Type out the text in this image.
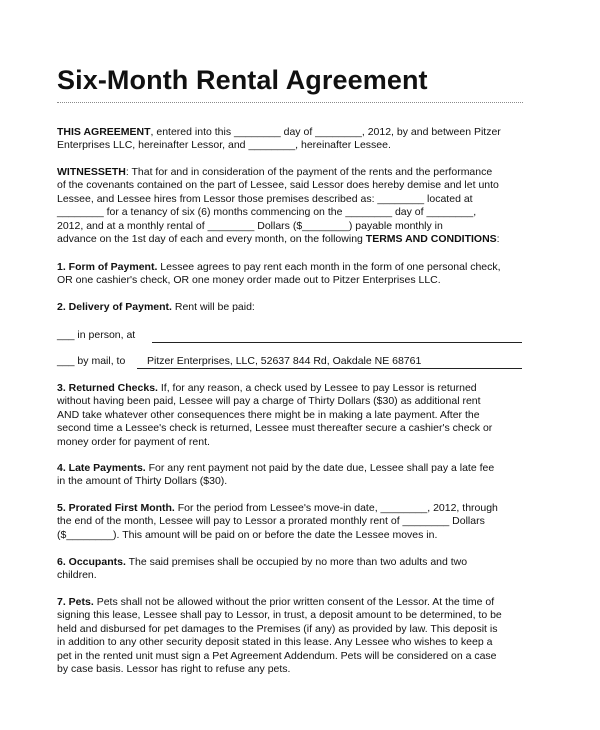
Six-Month Rental Agreement
THIS AGREEMENT, entered into this ________ day of ________, 2012, by and between Pitzer
Enterprises LLC, hereinafter Lessor, and ________, hereinafter Lessee.
WITNESSETH: That for and in consideration of the payment of the rents and the performance
of the covenants contained on the part of Lessee, said Lessor does hereby demise and let unto
Lessee, and Lessee hires from Lessor those premises described as: ________ located at
________ for a tenancy of six (6) months commencing on the ________ day of ________,
2012, and at a monthly rental of ________ Dollars ($________) payable monthly in
advance on the 1st day of each and every month, on the following TERMS AND CONDITIONS:
1. Form of Payment. Lessee agrees to pay rent each month in the form of one personal check,
OR one cashier's check, OR one money order made out to Pitzer Enterprises LLC.
2. Delivery of Payment. Rent will be paid:
___ in person, at
___ by mail, to Pitzer Enterprises, LLC, 52637 844 Rd, Oakdale NE 68761
3. Returned Checks. If, for any reason, a check used by Lessee to pay Lessor is returned
without having been paid, Lessee will pay a charge of Thirty Dollars ($30) as additional rent
AND take whatever other consequences there might be in making a late payment. After the
second time a Lessee's check is returned, Lessee must thereafter secure a cashier's check or
money order for payment of rent.
4. Late Payments. For any rent payment not paid by the date due, Lessee shall pay a late fee
in the amount of Thirty Dollars ($30).
5. Prorated First Month. For the period from Lessee's move-in date, ________, 2012, through
the end of the month, Lessee will pay to Lessor a prorated monthly rent of ________ Dollars
($________). This amount will be paid on or before the date the Lessee moves in.
6. Occupants. The said premises shall be occupied by no more than two adults and two
children.
7. Pets. Pets shall not be allowed without the prior written consent of the Lessor. At the time of
signing this lease, Lessee shall pay to Lessor, in trust, a deposit amount to be determined, to be
held and disbursed for pet damages to the Premises (if any) as provided by law. This deposit is
in addition to any other security deposit stated in this lease. Any Lessee who wishes to keep a
pet in the rented unit must sign a Pet Agreement Addendum. Pets will be considered on a case
by case basis. Lessor has right to refuse any pets.
